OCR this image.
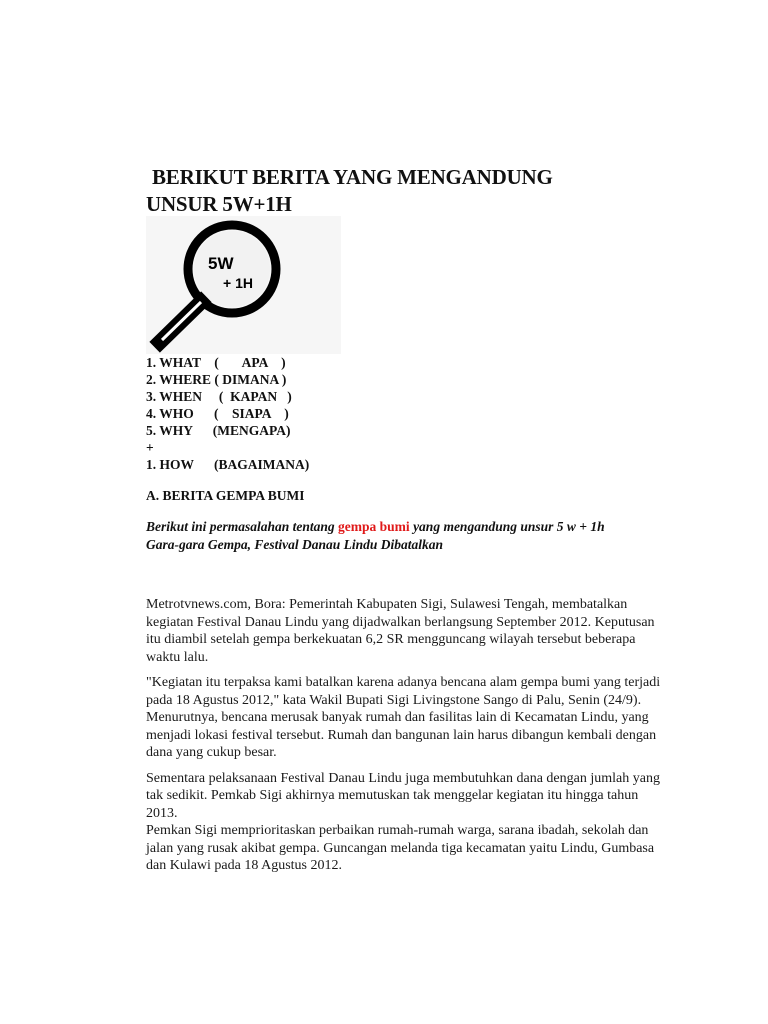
BERIKUT BERITA YANG MENGANDUNG
UNSUR 5W+1H
5W
+ 1H
1. WHAT    (       APA    )
2. WHERE ( DIMANA )
3. WHEN     (  KAPAN   )
4. WHO      (    SIAPA    )
5. WHY      (MENGAPA)
+
1. HOW      (BAGAIMANA)
A. BERITA GEMPA BUMI
Berikut ini permasalahan tentang gempa bumi yang mengandung unsur 5 w + 1h
Gara-gara Gempa, Festival Danau Lindu Dibatalkan

Metrotvnews.com, Bora: Pemerintah Kabupaten Sigi, Sulawesi Tengah, membatalkan kegiatan Festival Danau Lindu yang dijadwalkan berlangsung September 2012. Keputusan itu diambil setelah gempa berkekuatan 6,2 SR mengguncang wilayah tersebut beberapa waktu lalu.

"Kegiatan itu terpaksa kami batalkan karena adanya bencana alam gempa bumi yang terjadi pada 18 Agustus 2012," kata Wakil Bupati Sigi Livingstone Sango di Palu, Senin (24/9).

Menurutnya, bencana merusak banyak rumah dan fasilitas lain di Kecamatan Lindu, yang menjadi lokasi festival tersebut. Rumah dan bangunan lain harus dibangun kembali dengan dana yang cukup besar.

Sementara pelaksanaan Festival Danau Lindu juga membutuhkan dana dengan jumlah yang tak sedikit. Pemkab Sigi akhirnya memutuskan tak menggelar kegiatan itu hingga tahun 2013.

Pemkan Sigi memprioritaskan perbaikan rumah-rumah warga, sarana ibadah, sekolah dan jalan yang rusak akibat gempa. Guncangan melanda tiga kecamatan yaitu Lindu, Gumbasa dan Kulawi pada 18 Agustus 2012.
